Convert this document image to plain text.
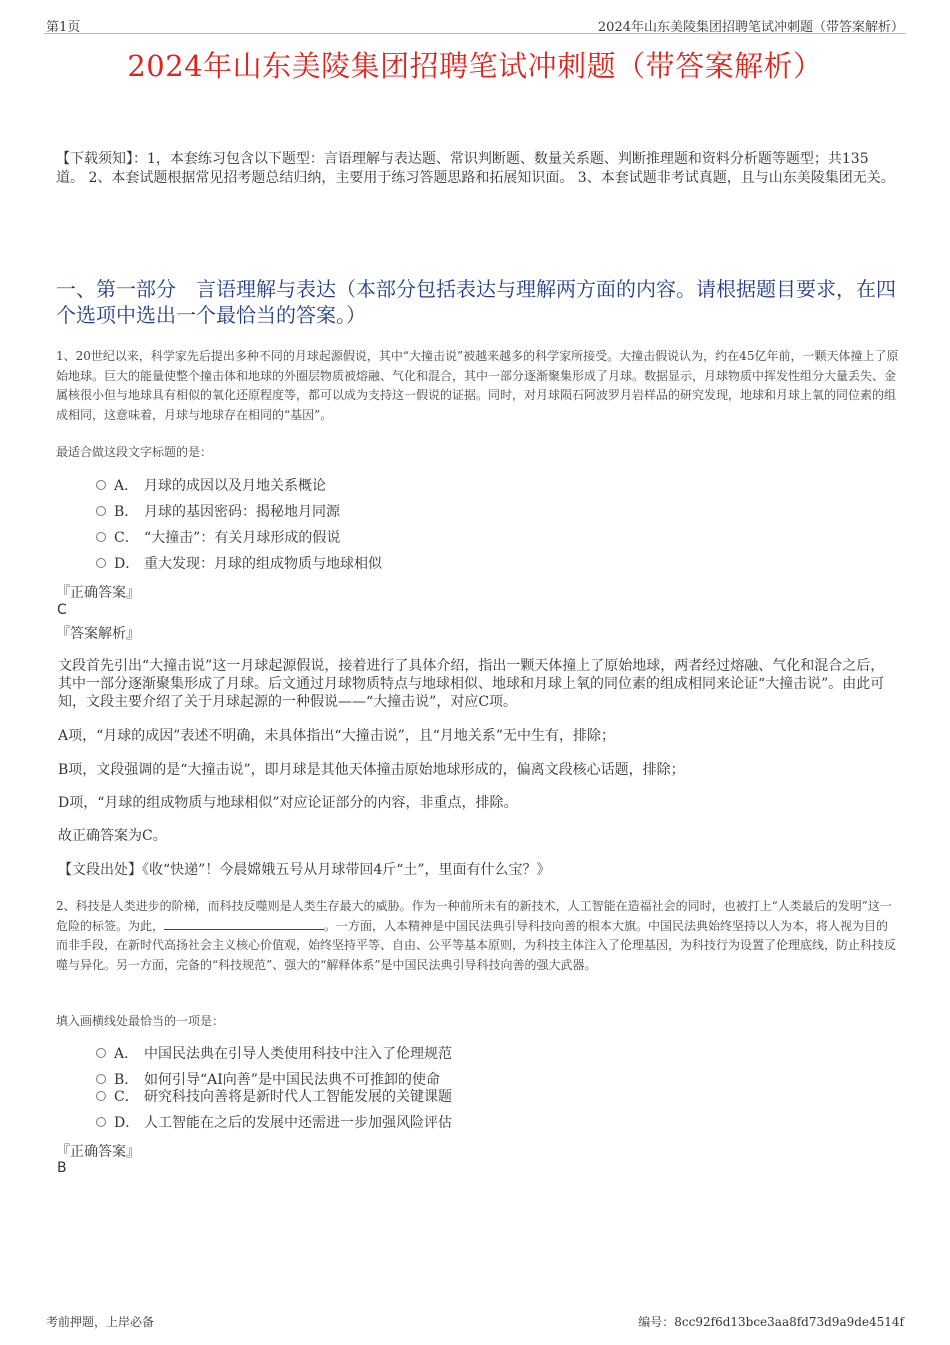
第1页	2024年山东美陵集团招聘笔试冲刺题（带答案解析）
2024年山东美陵集团招聘笔试冲刺题（带答案解析）
【下载须知】：1，本套练习包含以下题型：言语理解与表达题、常识判断题、数量关系题、判断推理题和资料分析题等题型；共135道。 2、本套试题根据常见招考题总结归纳，主要用于练习答题思路和拓展知识面。 3、本套试题非考试真题，且与山东美陵集团无关。
一、第一部分　言语理解与表达（本部分包括表达与理解两方面的内容。请根据题目要求，在四个选项中选出一个最恰当的答案。）
1、20世纪以来，科学家先后提出多种不同的月球起源假说，其中“大撞击说”被越来越多的科学家所接受。大撞击假说认为，约在45亿年前，一颗天体撞上了原始地球。巨大的能量使整个撞击体和地球的外圈层物质被熔融、气化和混合，其中一部分逐渐聚集形成了月球。数据显示，月球物质中挥发性组分大量丢失、金属核很小但与地球具有相似的氧化还原程度等，都可以成为支持这一假说的证据。同时，对月球陨石阿波罗月岩样品的研究发现，地球和月球上氧的同位素的组成相同，这意味着，月球与地球存在相同的“基因”。
最适合做这段文字标题的是：
A． 月球的成因以及月地关系概论
B． 月球的基因密码：揭秘地月同源
C． “大撞击”：有关月球形成的假说
D． 重大发现：月球的组成物质与地球相似
『正确答案』
C
『答案解析』
文段首先引出“大撞击说”这一月球起源假说，接着进行了具体介绍，指出一颗天体撞上了原始地球，两者经过熔融、气化和混合之后，其中一部分逐渐聚集形成了月球。后文通过月球物质特点与地球相似、地球和月球上氧的同位素的组成相同来论证“大撞击说”。由此可知，文段主要介绍了关于月球起源的一种假说——“大撞击说”，对应C项。
A项，“月球的成因”表述不明确，未具体指出“大撞击说”，且“月地关系”无中生有，排除；
B项，文段强调的是“大撞击说”，即月球是其他天体撞击原始地球形成的，偏离文段核心话题，排除；
D项，“月球的组成物质与地球相似”对应论证部分的内容，非重点，排除。
故正确答案为C。
【文段出处】《收“快递”！今晨嫦娥五号从月球带回4斤“土”，里面有什么宝？》
2、科技是人类进步的阶梯，而科技反噬则是人类生存最大的威胁。作为一种前所未有的新技术，人工智能在造福社会的同时，也被打上“人类最后的发明”这一危险的标签。为此，	。一方面，人本精神是中国民法典引导科技向善的根本大旗。中国民法典始终坚持以人为本，将人视为目的而非手段，在新时代高扬社会主义核心价值观，始终坚持平等、自由、公平等基本原则，为科技主体注入了伦理基因，为科技行为设置了伦理底线，防止科技反噬与异化。另一方面，完备的“科技规范”、强大的“解释体系”是中国民法典引导科技向善的强大武器。
填入画横线处最恰当的一项是：
A． 中国民法典在引导人类使用科技中注入了伦理规范
B． 如何引导“AI向善”是中国民法典不可推卸的使命
C． 研究科技向善将是新时代人工智能发展的关键课题
D． 人工智能在之后的发展中还需进一步加强风险评估
『正确答案』
B
考前押题，上岸必备	编号：8cc92f6d13bce3aa8fd73d9a9de4514f
